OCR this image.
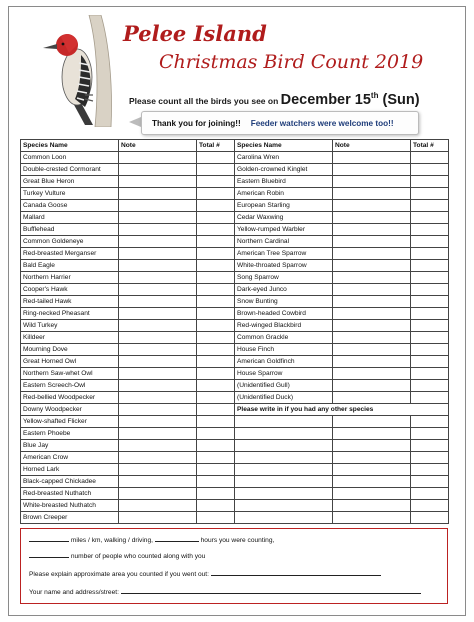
Pelee Island
Christmas Bird Count 2019
Please count all the birds you see on December 15th (Sun)
Thank you for joining!! Feeder watchers were welcome too!!
Species Name	Note	Total #	Species Name	Note	Total #
Common Loon			Carolina Wren		
Double-crested Cormorant			Golden-crowned Kinglet		
Great Blue Heron			Eastern Bluebird		
Turkey Vulture			American Robin		
Canada Goose			European Starling		
Mallard			Cedar Waxwing		
Bufflehead			Yellow-rumped Warbler		
Common Goldeneye			Northern Cardinal		
Red-breasted Merganser			American Tree Sparrow		
Bald Eagle			White-throated Sparrow		
Northern Harrier			Song Sparrow		
Cooper's Hawk			Dark-eyed Junco		
Red-tailed Hawk			Snow Bunting		
Ring-necked Pheasant			Brown-headed Cowbird		
Wild Turkey			Red-winged Blackbird		
Killdeer			Common Grackle		
Mourning Dove			House Finch		
Great Horned Owl			American Goldfinch		
Northern Saw-whet Owl			House Sparrow		
Eastern Screech-Owl			(Unidentified Gull)		
Red-bellied Woodpecker			(Unidentified Duck)		
Downy Woodpecker			Please write in if you had any other species		
Yellow-shafted Flicker					
Eastern Phoebe					
Blue Jay					
American Crow					
Horned Lark					
Black-capped Chickadee					
Red-breasted Nuthatch					
White-breasted Nuthatch					
Brown Creeper					
miles / km, walking / driving,	hours you were counting,
number of people who counted along with you
Please explain approximate area you counted if you went out:
Your name and address/street:
